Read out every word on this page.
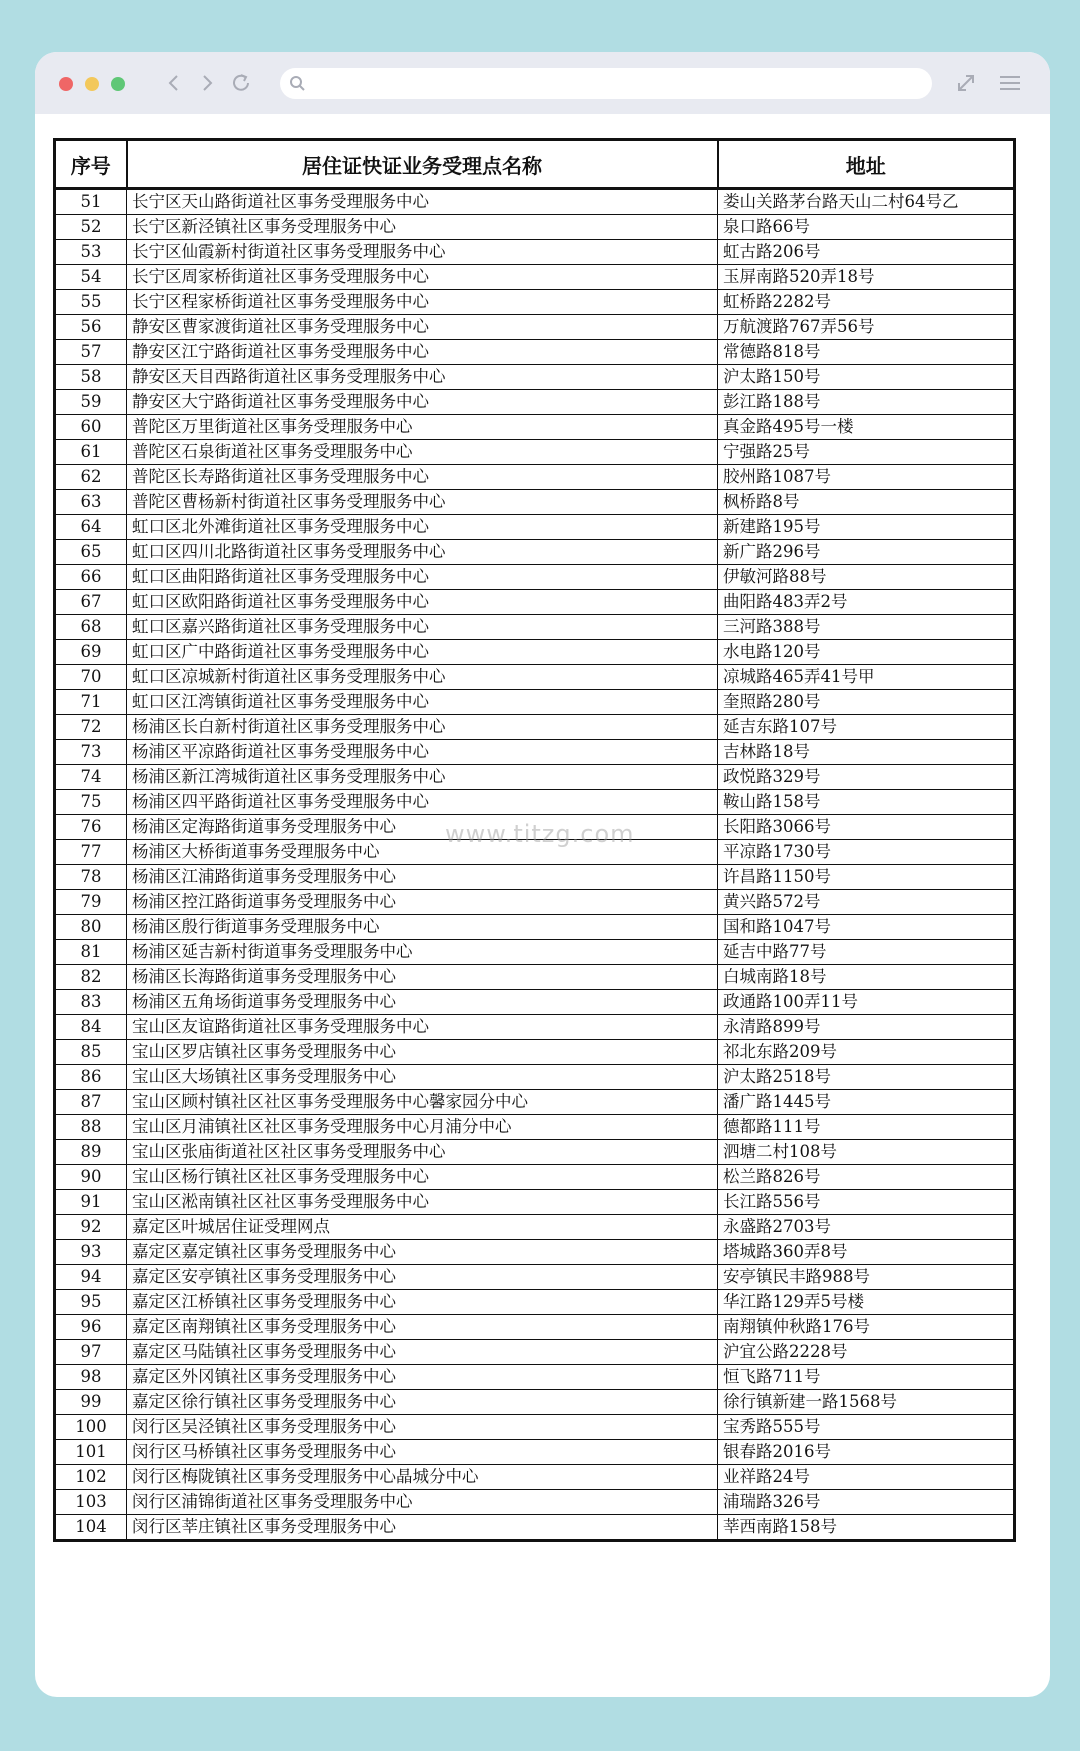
序号	居住证快证业务受理点名称	地址
51	长宁区天山路街道社区事务受理服务中心	娄山关路茅台路天山二村64号乙
52	长宁区新泾镇社区事务受理服务中心	泉口路66号
53	长宁区仙霞新村街道社区事务受理服务中心	虹古路206号
54	长宁区周家桥街道社区事务受理服务中心	玉屏南路520弄18号
55	长宁区程家桥街道社区事务受理服务中心	虹桥路2282号
56	静安区曹家渡街道社区事务受理服务中心	万航渡路767弄56号
57	静安区江宁路街道社区事务受理服务中心	常德路818号
58	静安区天目西路街道社区事务受理服务中心	沪太路150号
59	静安区大宁路街道社区事务受理服务中心	彭江路188号
60	普陀区万里街道社区事务受理服务中心	真金路495号一楼
61	普陀区石泉街道社区事务受理服务中心	宁强路25号
62	普陀区长寿路街道社区事务受理服务中心	胶州路1087号
63	普陀区曹杨新村街道社区事务受理服务中心	枫桥路8号
64	虹口区北外滩街道社区事务受理服务中心	新建路195号
65	虹口区四川北路街道社区事务受理服务中心	新广路296号
66	虹口区曲阳路街道社区事务受理服务中心	伊敏河路88号
67	虹口区欧阳路街道社区事务受理服务中心	曲阳路483弄2号
68	虹口区嘉兴路街道社区事务受理服务中心	三河路388号
69	虹口区广中路街道社区事务受理服务中心	水电路120号
70	虹口区凉城新村街道社区事务受理服务中心	凉城路465弄41号甲
71	虹口区江湾镇街道社区事务受理服务中心	奎照路280号
72	杨浦区长白新村街道社区事务受理服务中心	延吉东路107号
73	杨浦区平凉路街道社区事务受理服务中心	吉林路18号
74	杨浦区新江湾城街道社区事务受理服务中心	政悦路329号
75	杨浦区四平路街道社区事务受理服务中心	鞍山路158号
76	杨浦区定海路街道事务受理服务中心	长阳路3066号
77	杨浦区大桥街道事务受理服务中心	平凉路1730号
78	杨浦区江浦路街道事务受理服务中心	许昌路1150号
79	杨浦区控江路街道事务受理服务中心	黄兴路572号
80	杨浦区殷行街道事务受理服务中心	国和路1047号
81	杨浦区延吉新村街道事务受理服务中心	延吉中路77号
82	杨浦区长海路街道事务受理服务中心	白城南路18号
83	杨浦区五角场街道事务受理服务中心	政通路100弄11号
84	宝山区友谊路街道社区事务受理服务中心	永清路899号
85	宝山区罗店镇社区事务受理服务中心	祁北东路209号
86	宝山区大场镇社区事务受理服务中心	沪太路2518号
87	宝山区顾村镇社区社区事务受理服务中心馨家园分中心	潘广路1445号
88	宝山区月浦镇社区社区事务受理服务中心月浦分中心	德都路111号
89	宝山区张庙街道社区社区事务受理服务中心	泗塘二村108号
90	宝山区杨行镇社区社区事务受理服务中心	松兰路826号
91	宝山区淞南镇社区社区事务受理服务中心	长江路556号
92	嘉定区叶城居住证受理网点	永盛路2703号
93	嘉定区嘉定镇社区事务受理服务中心	塔城路360弄8号
94	嘉定区安亭镇社区事务受理服务中心	安亭镇民丰路988号
95	嘉定区江桥镇社区事务受理服务中心	华江路129弄5号楼
96	嘉定区南翔镇社区事务受理服务中心	南翔镇仲秋路176号
97	嘉定区马陆镇社区事务受理服务中心	沪宜公路2228号
98	嘉定区外冈镇社区事务受理服务中心	恒飞路711号
99	嘉定区徐行镇社区事务受理服务中心	徐行镇新建一路1568号
100	闵行区吴泾镇社区事务受理服务中心	宝秀路555号
101	闵行区马桥镇社区事务受理服务中心	银春路2016号
102	闵行区梅陇镇社区事务受理服务中心晶城分中心	业祥路24号
103	闵行区浦锦街道社区事务受理服务中心	浦瑞路326号
104	闵行区莘庄镇社区事务受理服务中心	莘西南路158号
www.titzg.com
